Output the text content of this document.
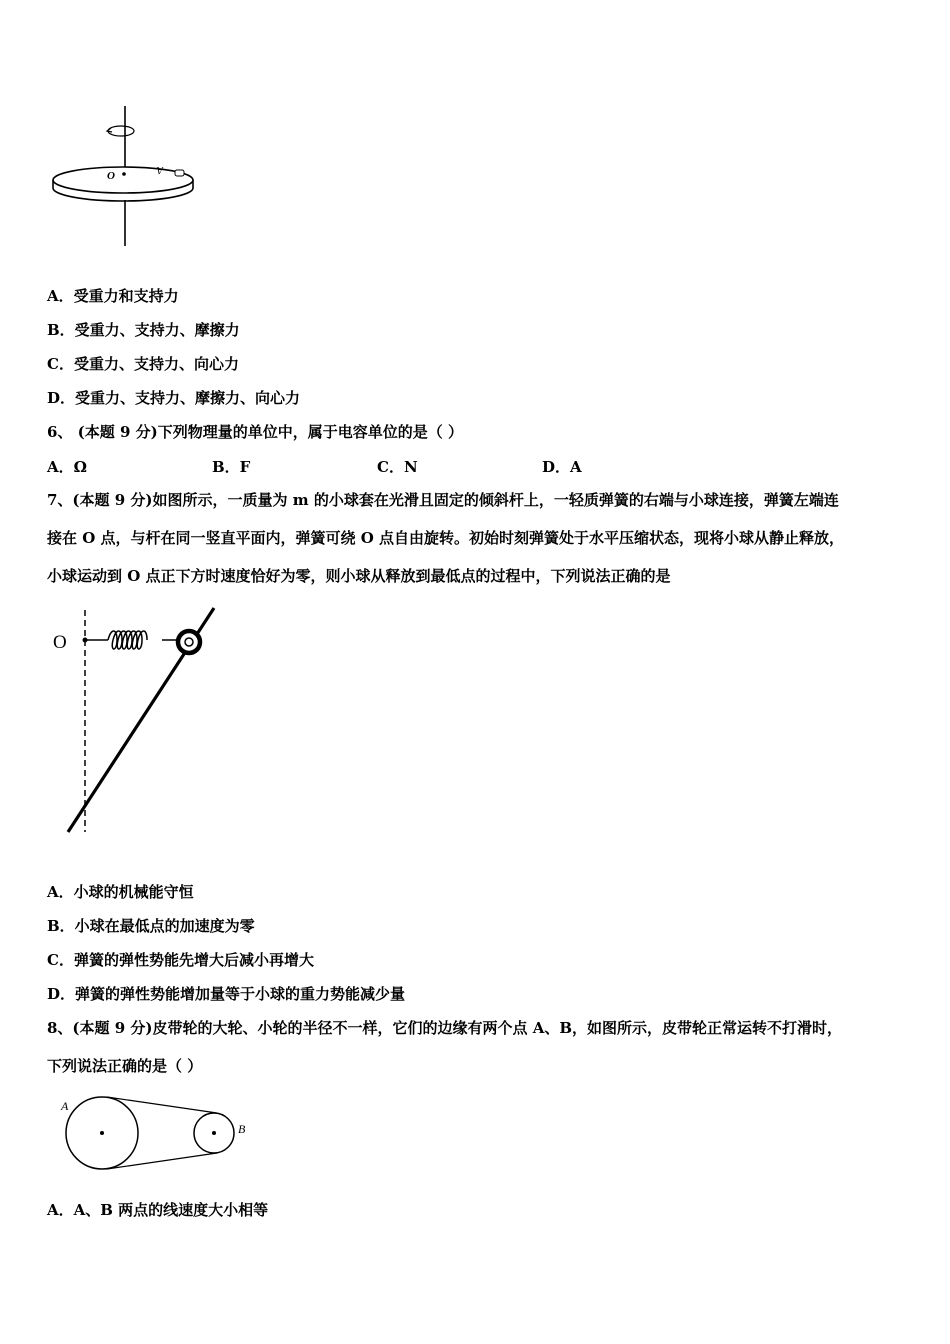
O
A
A．受重力和支持力
B．受重力、支持力、摩擦力
C．受重力、支持力、向心力
D．受重力、支持力、摩擦力、向心力
6、 (本题 9 分)下列物理量的单位中，属于电容单位的是（ ）
A．Ω	B．F	C．N	D．A
7、(本题 9 分)如图所示，一质量为 m 的小球套在光滑且固定的倾斜杆上，一轻质弹簧的右端与小球连接，弹簧左端连
接在 O 点，与杆在同一竖直平面内，弹簧可绕 O 点自由旋转。初始时刻弹簧处于水平压缩状态，现将小球从静止释放，
小球运动到 O 点正下方时速度恰好为零，则小球从释放到最低点的过程中，下列说法正确的是
O
A．小球的机械能守恒
B．小球在最低点的加速度为零
C．弹簧的弹性势能先增大后减小再增大
D．弹簧的弹性势能增加量等于小球的重力势能减少量
8、(本题 9 分)皮带轮的大轮、小轮的半径不一样，它们的边缘有两个点 A、B，如图所示，皮带轮正常运转不打滑时，
下列说法正确的是（ ）
A
B
A．A、B 两点的线速度大小相等
